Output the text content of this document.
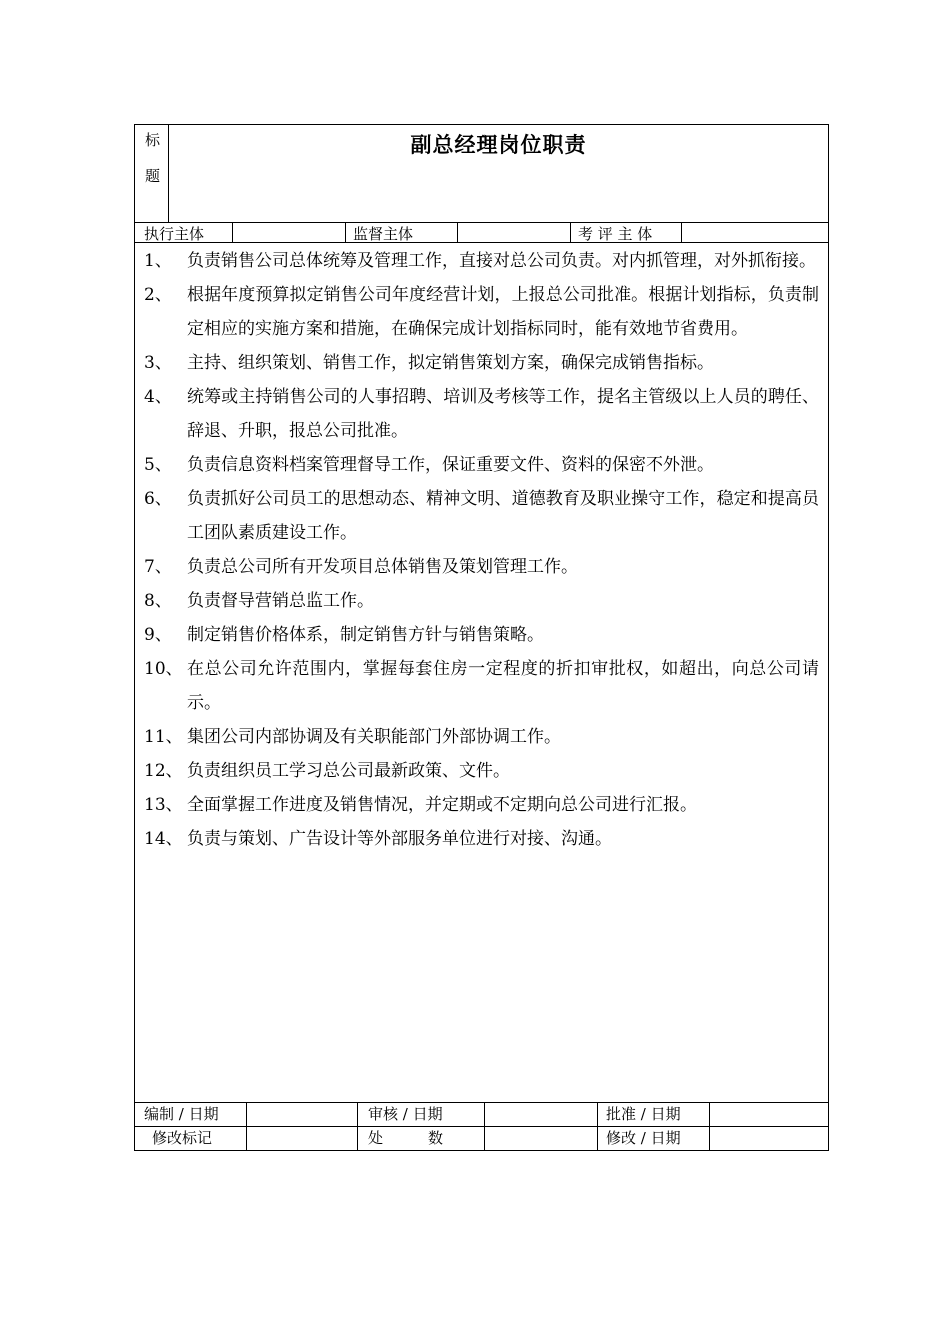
标
题
副总经理岗位职责
执行主体	监督主体	考 评 主 体
1、 负责销售公司总体统筹及管理工作，直接对总公司负责。对内抓管理，对外抓衔接。
2、 根据年度预算拟定销售公司年度经营计划，上报总公司批准。根据计划指标，负责制定相应的实施方案和措施，在确保完成计划指标同时，能有效地节省费用。
3、 主持、组织策划、销售工作，拟定销售策划方案，确保完成销售指标。
4、 统筹或主持销售公司的人事招聘、培训及考核等工作，提名主管级以上人员的聘任、辞退、升职，报总公司批准。
5、 负责信息资料档案管理督导工作，保证重要文件、资料的保密不外泄。
6、 负责抓好公司员工的思想动态、精神文明、道德教育及职业操守工作，稳定和提高员工团队素质建设工作。
7、 负责总公司所有开发项目总体销售及策划管理工作。
8、 负责督导营销总监工作。
9、 制定销售价格体系，制定销售方针与销售策略。
10、 在总公司允许范围内，掌握每套住房一定程度的折扣审批权，如超出，向总公司请示。
11、 集团公司内部协调及有关职能部门外部协调工作。
12、 负责组织员工学习总公司最新政策、文件。
13、 全面掌握工作进度及销售情况，并定期或不定期向总公司进行汇报。
14、 负责与策划、广告设计等外部服务单位进行对接、沟通。
编制 / 日期	审核 / 日期	批准 / 日期
修改标记	处　　　数	修改 / 日期
